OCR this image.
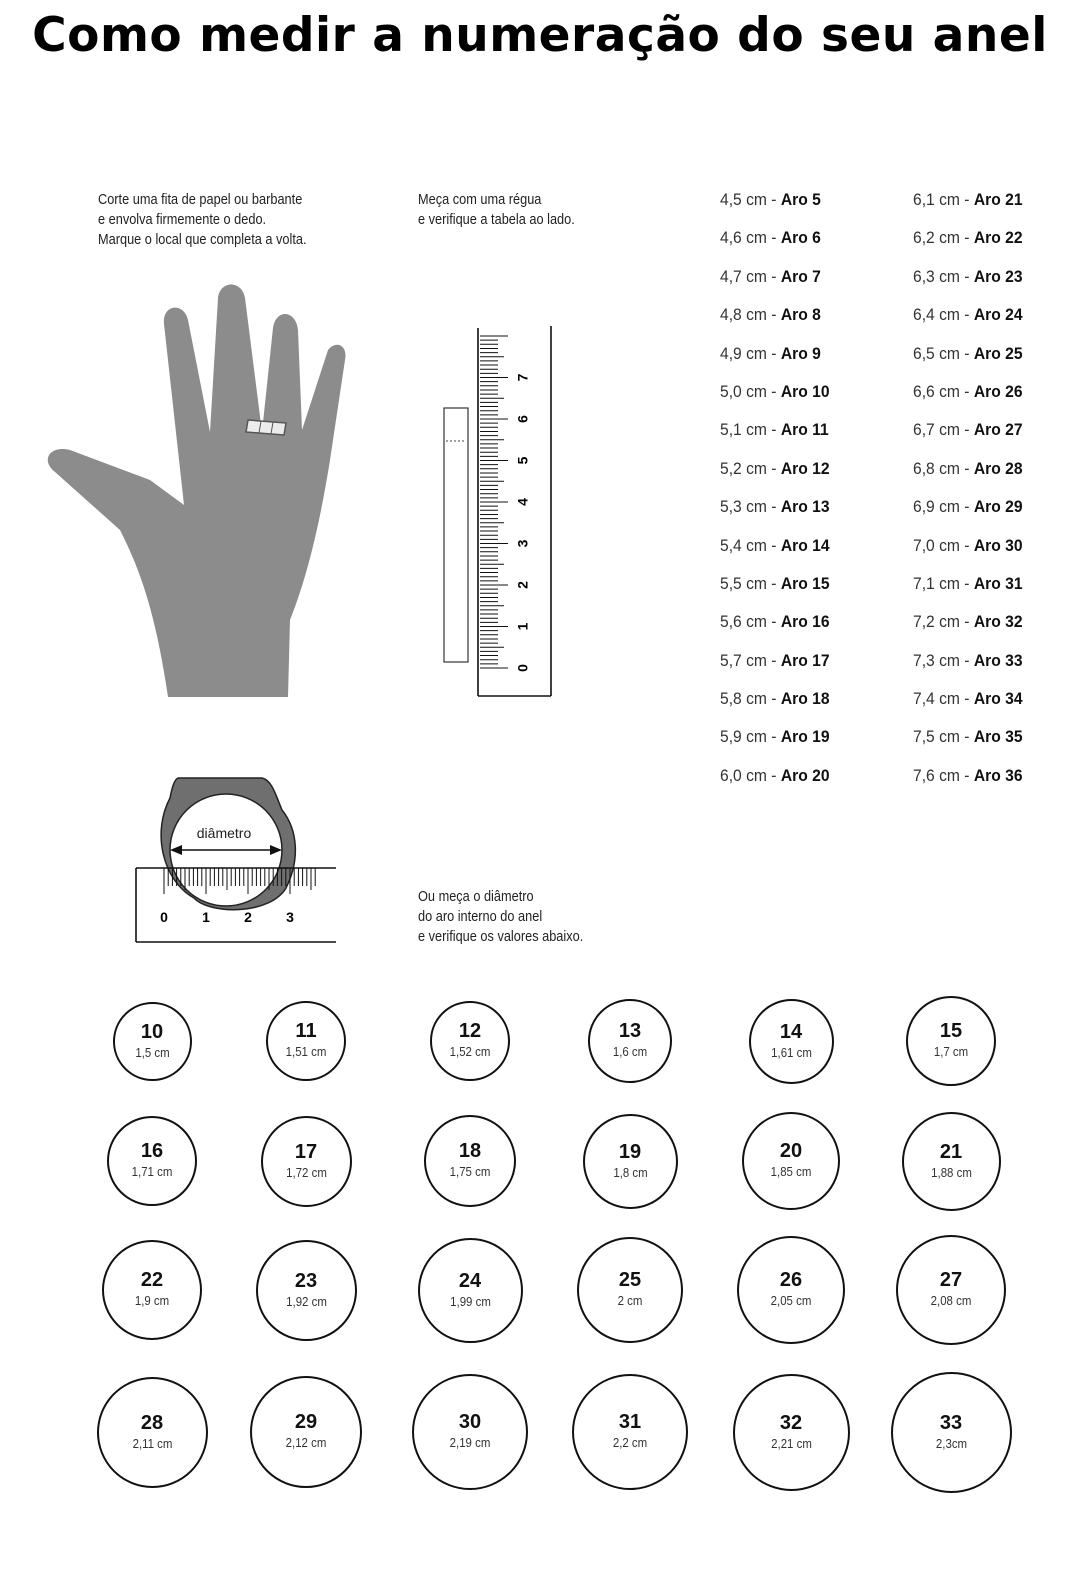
Como medir a numeração do seu anel
Corte uma fita de papel ou barbante
e envolva firmemente o dedo.
Marque o local que completa a volta.
Meça com uma régua
e verifique a tabela ao lado.
Ou meça o diâmetro
do aro interno do anel
e verifique os valores abaixo.
0
1
2
3
4
5
6
7
diâmetro
0 1 2 3
4,5 cm - Aro 5
4,6 cm - Aro 6
4,7 cm - Aro 7
4,8 cm - Aro 8
4,9 cm - Aro 9
5,0 cm - Aro 10
5,1 cm - Aro 11
5,2 cm - Aro 12
5,3 cm - Aro 13
5,4 cm - Aro 14
5,5 cm - Aro 15
5,6 cm - Aro 16
5,7 cm - Aro 17
5,8 cm - Aro 18
5,9 cm - Aro 19
6,0 cm - Aro 20
6,1 cm - Aro 21
6,2 cm - Aro 22
6,3 cm - Aro 23
6,4 cm - Aro 24
6,5 cm - Aro 25
6,6 cm - Aro 26
6,7 cm - Aro 27
6,8 cm - Aro 28
6,9 cm - Aro 29
7,0 cm - Aro 30
7,1 cm - Aro 31
7,2 cm - Aro 32
7,3 cm - Aro 33
7,4 cm - Aro 34
7,5 cm - Aro 35
7,6 cm - Aro 36
10
1,5 cm
11
1,51 cm
12
1,52 cm
13
1,6 cm
14
1,61 cm
15
1,7 cm
16
1,71 cm
17
1,72 cm
18
1,75 cm
19
1,8 cm
20
1,85 cm
21
1,88 cm
22
1,9 cm
23
1,92 cm
24
1,99 cm
25
2 cm
26
2,05 cm
27
2,08 cm
28
2,11 cm
29
2,12 cm
30
2,19 cm
31
2,2 cm
32
2,21 cm
33
2,3cm
